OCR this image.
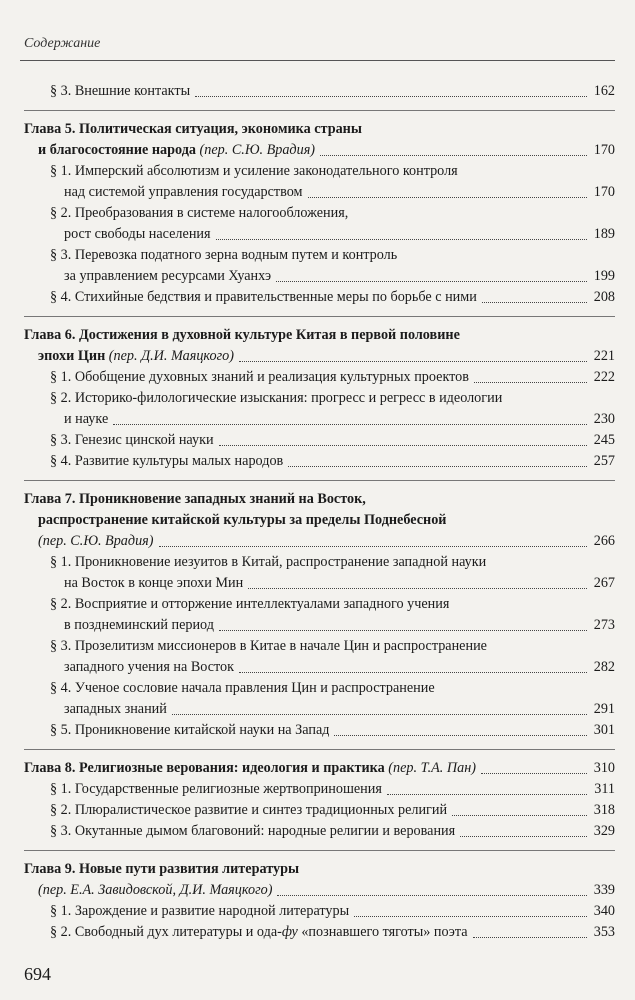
Содержание
§ 3. Внешние контакты	162
Глава 5. Политическая ситуация, экономика страны
и благосостояние народа (пер. С.Ю. Врадия)	170
§ 1. Имперский абсолютизм и усиление законодательного контроля
над системой управления государством	170
§ 2. Преобразования в системе налогообложения,
рост свободы населения	189
§ 3. Перевозка податного зерна водным путем и контроль
за управлением ресурсами Хуанхэ	199
§ 4. Стихийные бедствия и правительственные меры по борьбе с ними	208
Глава 6. Достижения в духовной культуре Китая в первой половине
эпохи Цин (пер. Д.И. Маяцкого)	221
§ 1. Обобщение духовных знаний и реализация культурных проектов	222
§ 2. Историко-филологические изыскания: прогресс и регресс в идеологии
и науке	230
§ 3. Генезис цинской науки	245
§ 4. Развитие культуры малых народов	257
Глава 7. Проникновение западных знаний на Восток,
распространение китайской культуры за пределы Поднебесной
(пер. С.Ю. Врадия)	266
§ 1. Проникновение иезуитов в Китай, распространение западной науки
на Восток в конце эпохи Мин	267
§ 2. Восприятие и отторжение интеллектуалами западного учения
в позднеминский период	273
§ 3. Прозелитизм миссионеров в Китае в начале Цин и распространение
западного учения на Восток	282
§ 4. Ученое сословие начала правления Цин и распространение
западных знаний	291
§ 5. Проникновение китайской науки на Запад	301
Глава 8. Религиозные верования: идеология и практика (пер. Т.А. Пан)	310
§ 1. Государственные религиозные жертвоприношения	311
§ 2. Плюралистическое развитие и синтез традиционных религий	318
§ 3. Окутанные дымом благовоний: народные религии и верования	329
Глава 9. Новые пути развития литературы
(пер. Е.А. Завидовской, Д.И. Маяцкого)	339
§ 1. Зарождение и развитие народной литературы	340
§ 2. Свободный дух литературы и ода-фу «познавшего тяготы» поэта	353
694
